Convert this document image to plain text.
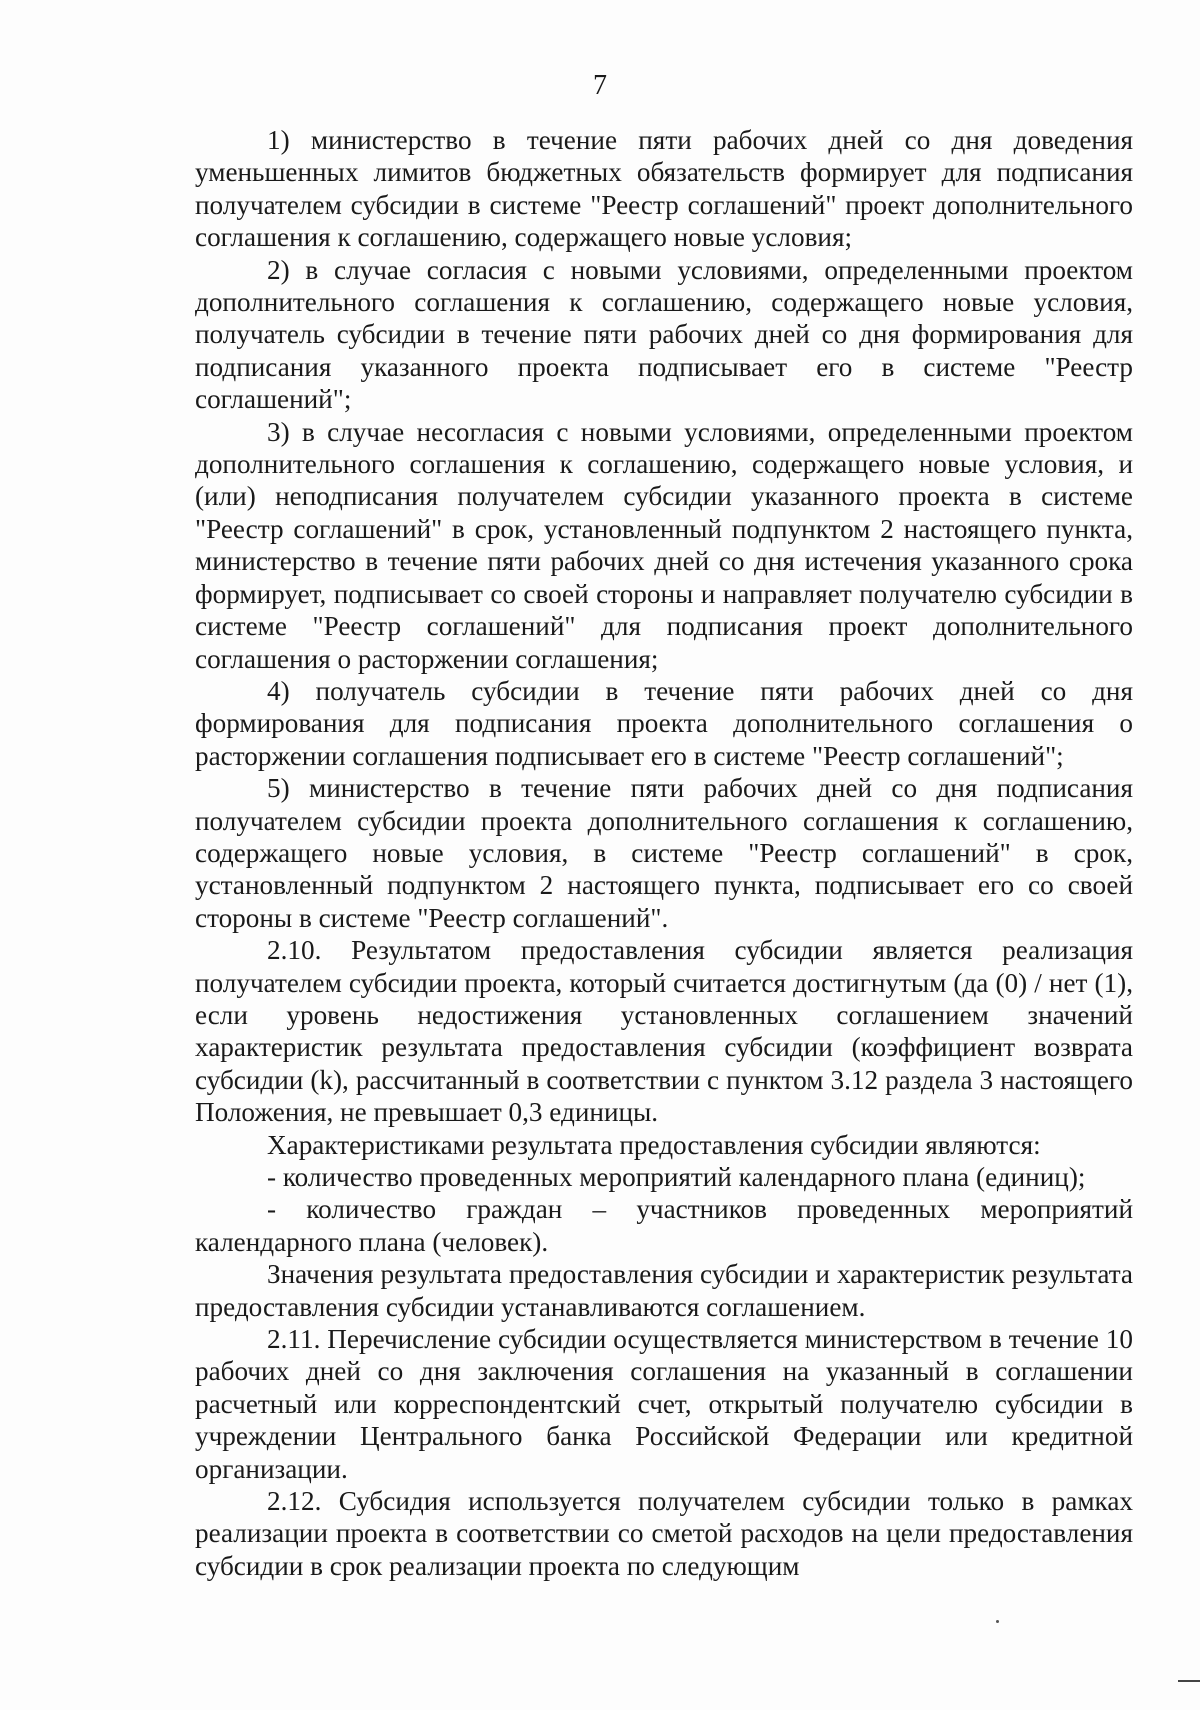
7

1) министерство в течение пяти рабочих дней со дня доведения уменьшенных лимитов бюджетных обязательств формирует для подписания получателем субсидии в системе "Реестр соглашений" проект дополнительного соглашения к соглашению, содержащего новые условия;

2) в случае согласия с новыми условиями, определенными проектом дополнительного соглашения к соглашению, содержащего новые условия, получатель субсидии в течение пяти рабочих дней со дня формирования для подписания указанного проекта подписывает его в системе "Реестр соглашений";

3) в случае несогласия с новыми условиями, определенными проектом дополнительного соглашения к соглашению, содержащего новые условия, и (или) неподписания получателем субсидии указанного проекта в системе "Реестр соглашений" в срок, установленный подпунктом 2 настоящего пункта, министерство в течение пяти рабочих дней со дня истечения указанного срока формирует, подписывает со своей стороны и направляет получателю субсидии в системе "Реестр соглашений" для подписания проект дополнительного соглашения о расторжении соглашения;

4) получатель субсидии в течение пяти рабочих дней со дня формирования для подписания проекта дополнительного соглашения о расторжении соглашения подписывает его в системе "Реестр соглашений";

5) министерство в течение пяти рабочих дней со дня подписания получателем субсидии проекта дополнительного соглашения к соглашению, содержащего новые условия, в системе "Реестр соглашений" в срок, установленный подпунктом 2 настоящего пункта, подписывает его со своей стороны в системе "Реестр соглашений".

2.10. Результатом предоставления субсидии является реализация получателем субсидии проекта, который считается достигнутым (да (0) / нет (1), если уровень недостижения установленных соглашением значений характеристик результата предоставления субсидии (коэффициент возврата субсидии (k), рассчитанный в соответствии с пунктом 3.12 раздела 3 настоящего Положения, не превышает 0,3 единицы.

Характеристиками результата предоставления субсидии являются:

- количество проведенных мероприятий календарного плана (единиц);

- количество граждан – участников проведенных мероприятий календарного плана (человек).

Значения результата предоставления субсидии и характеристик результата предоставления субсидии устанавливаются соглашением.

2.11. Перечисление субсидии осуществляется министерством в течение 10 рабочих дней со дня заключения соглашения на указанный в соглашении расчетный или корреспондентский счет, открытый получателю субсидии в учреждении Центрального банка Российской Федерации или кредитной организации.

2.12. Субсидия используется получателем субсидии только в рамках реализации проекта в соответствии со сметой расходов на цели предоставления субсидии в срок реализации проекта по следующим
